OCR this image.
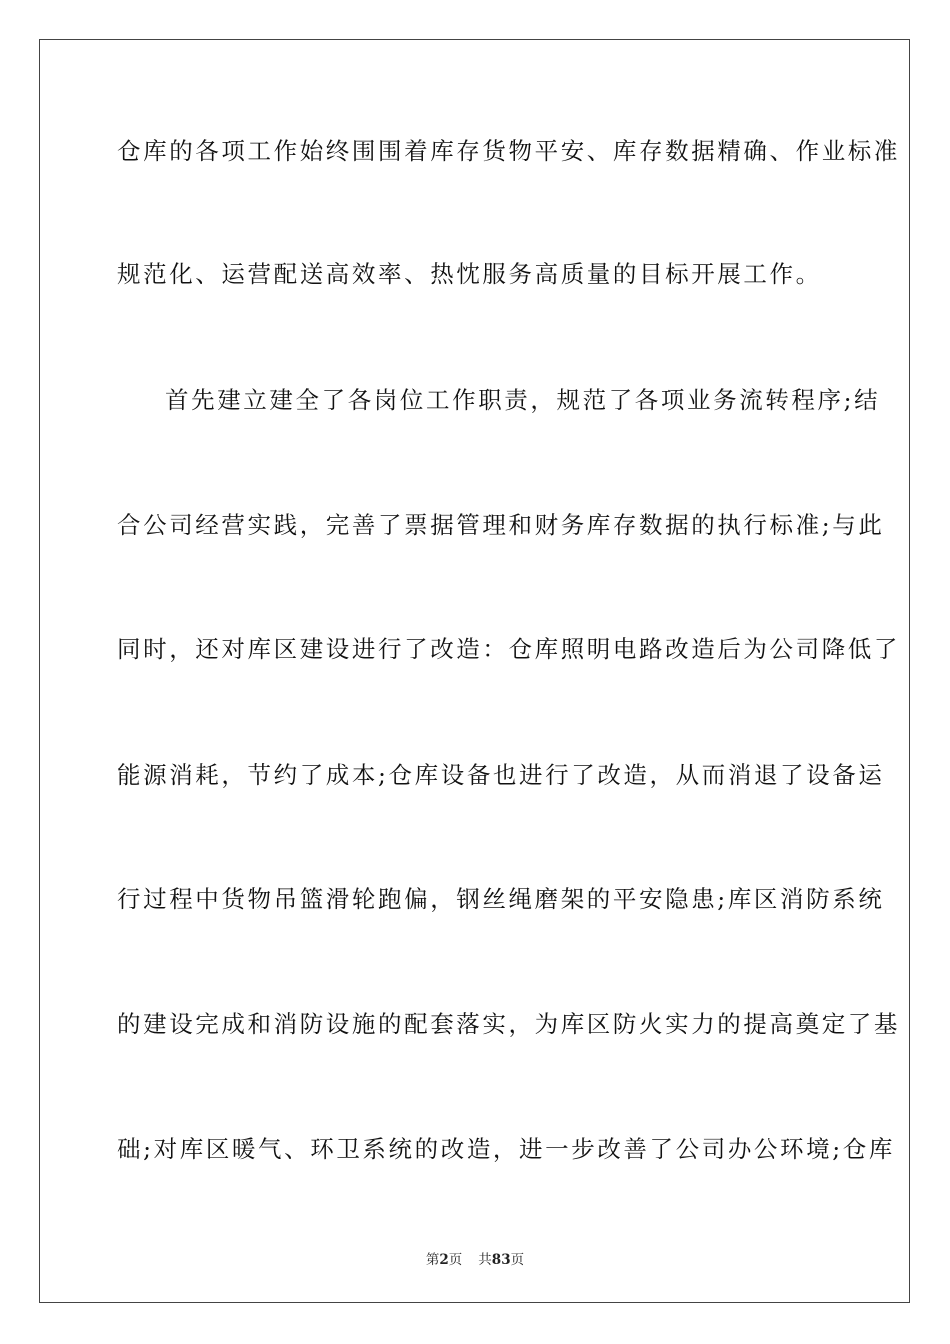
仓库的各项工作始终围围着库存货物平安、库存数据精确、作业标准
规范化、运营配送高效率、热忱服务高质量的目标开展工作。
首先建立建全了各岗位工作职责，规范了各项业务流转程序;结
合公司经营实践，完善了票据管理和财务库存数据的执行标准;与此
同时，还对库区建设进行了改造：仓库照明电路改造后为公司降低了
能源消耗，节约了成本;仓库设备也进行了改造，从而消退了设备运
行过程中货物吊篮滑轮跑偏，钢丝绳磨架的平安隐患;库区消防系统
的建设完成和消防设施的配套落实，为库区防火实力的提高奠定了基
础;对库区暖气、环卫系统的改造，进一步改善了公司办公环境;仓库
第2页 共83页
